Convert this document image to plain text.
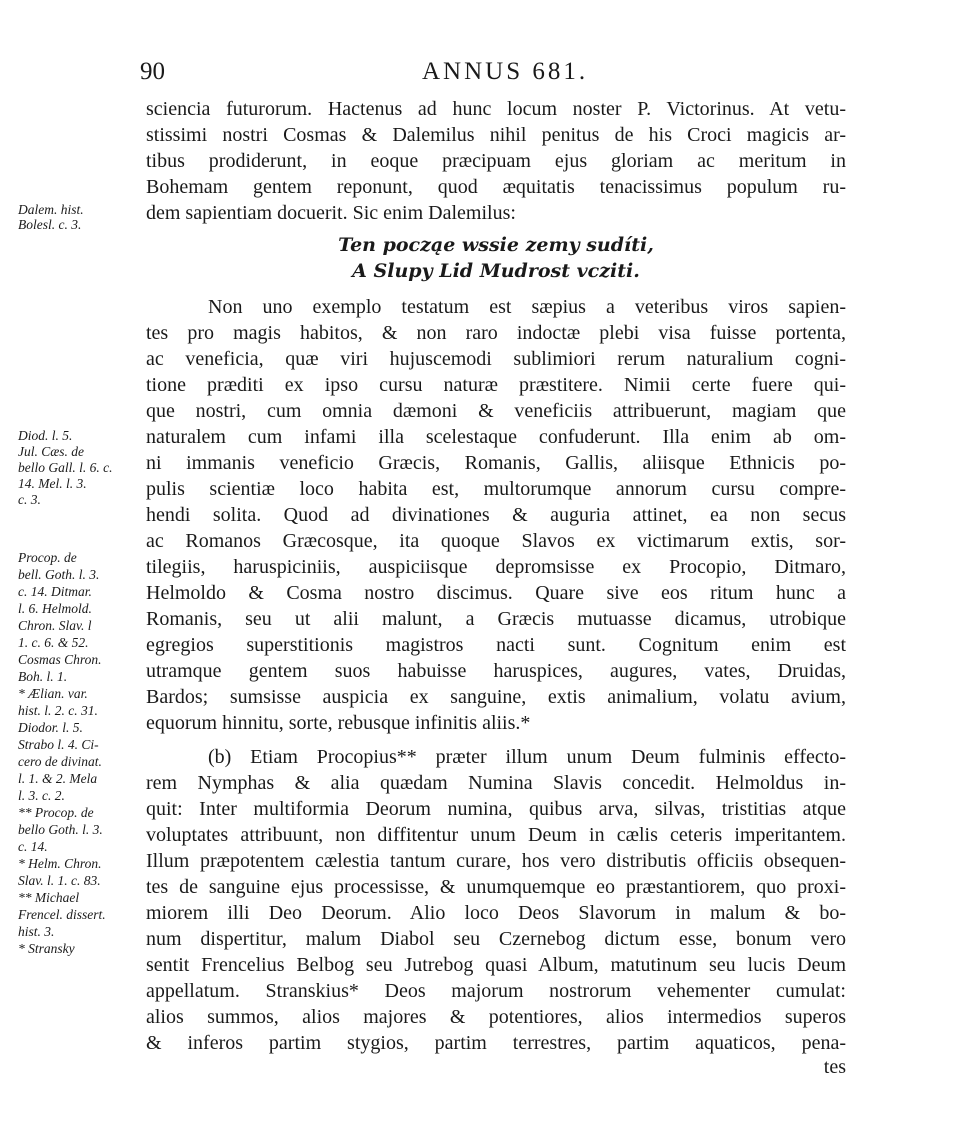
90	ANNUS 681.
sciencia futurorum. Hactenus ad hunc locum noster P. Victorinus. At vetu-
stissimi nostri Cosmas & Dalemilus nihil penitus de his Croci magicis ar-
tibus prodiderunt, in eoque præcipuam ejus gloriam ac meritum in
Bohemam gentem reponunt, quod æquitatis tenacissimus populum ru-
dem sapientiam docuerit. Sic enim Dalemilus:
Ten począe wssie zemy sudíti,
A Slupy Lid Mudrost vcziti.
Non uno exemplo testatum est sæpius a veteribus viros sapien-
tes pro magis habitos, & non raro indoctæ plebi visa fuisse portenta,
ac veneficia, quæ viri hujuscemodi sublimiori rerum naturalium cogni-
tione præditi ex ipso cursu naturæ præstitere. Nimii certe fuere qui-
que nostri, cum omnia dæmoni & veneficiis attribuerunt, magiam que
naturalem cum infami illa scelestaque confuderunt. Illa enim ab om-
ni immanis veneficio Græcis, Romanis, Gallis, aliisque Ethnicis po-
pulis scientiæ loco habita est, multorumque annorum cursu compre-
hendi solita. Quod ad divinationes & auguria attinet, ea non secus
ac Romanos Græcosque, ita quoque Slavos ex victimarum extis, sor-
tilegiis, haruspiciniis, auspiciisque depromsisse ex Procopio, Ditmaro,
Helmoldo & Cosma nostro discimus. Quare sive eos ritum hunc a
Romanis, seu ut alii malunt, a Græcis mutuasse dicamus, utrobique
egregios superstitionis magistros nacti sunt. Cognitum enim est
utramque gentem suos habuisse haruspices, augures, vates, Druidas,
Bardos; sumsisse auspicia ex sanguine, extis animalium, volatu avium,
equorum hinnitu, sorte, rebusque infinitis aliis.*
(b) Etiam Procopius** præter illum unum Deum fulminis effecto-
rem Nymphas & alia quædam Numina Slavis concedit. Helmoldus in-
quit: Inter multiformia Deorum numina, quibus arva, silvas, tristitias atque
voluptates attribuunt, non diffitentur unum Deum in cælis ceteris imperitantem.
Illum præpotentem cælestia tantum curare, hos vero distributis officiis obsequen-
tes de sanguine ejus processisse, & unumquemque eo præstantiorem, quo proxi-
miorem illi Deo Deorum. Alio loco Deos Slavorum in malum & bo-
num dispertitur, malum Diabol seu Czernebog dictum esse, bonum vero
sentit Frencelius Belbog seu Jutrebog quasi Album, matutinum seu lucis Deum
appellatum. Stranskius* Deos majorum nostrorum vehementer cumulat:
alios summos, alios majores & potentiores, alios intermedios superos
& inferos partim stygios, partim terrestres, partim aquaticos, pena-
tes
Dalem. hist.
Bolesl. c. 3.
Diod. l. 5.
Jul. Cæs. de
bello Gall. l. 6. c.
14. Mel. l. 3.
c. 3.
Procop. de
bell. Goth. l. 3.
c. 14. Ditmar.
l. 6. Helmold.
Chron. Slav. l
1. c. 6. & 52.
Cosmas Chron.
Boh. l. 1.
* Ælian. var.
hist. l. 2. c. 31.
Diodor. l. 5.
Strabo l. 4. Ci-
cero de divinat.
l. 1. & 2. Mela
l. 3. c. 2.
** Procop. de
bello Goth. l. 3.
c. 14.
* Helm. Chron.
Slav. l. 1. c. 83.
** Michael
Frencel. dissert.
hist. 3.
* Stransky
